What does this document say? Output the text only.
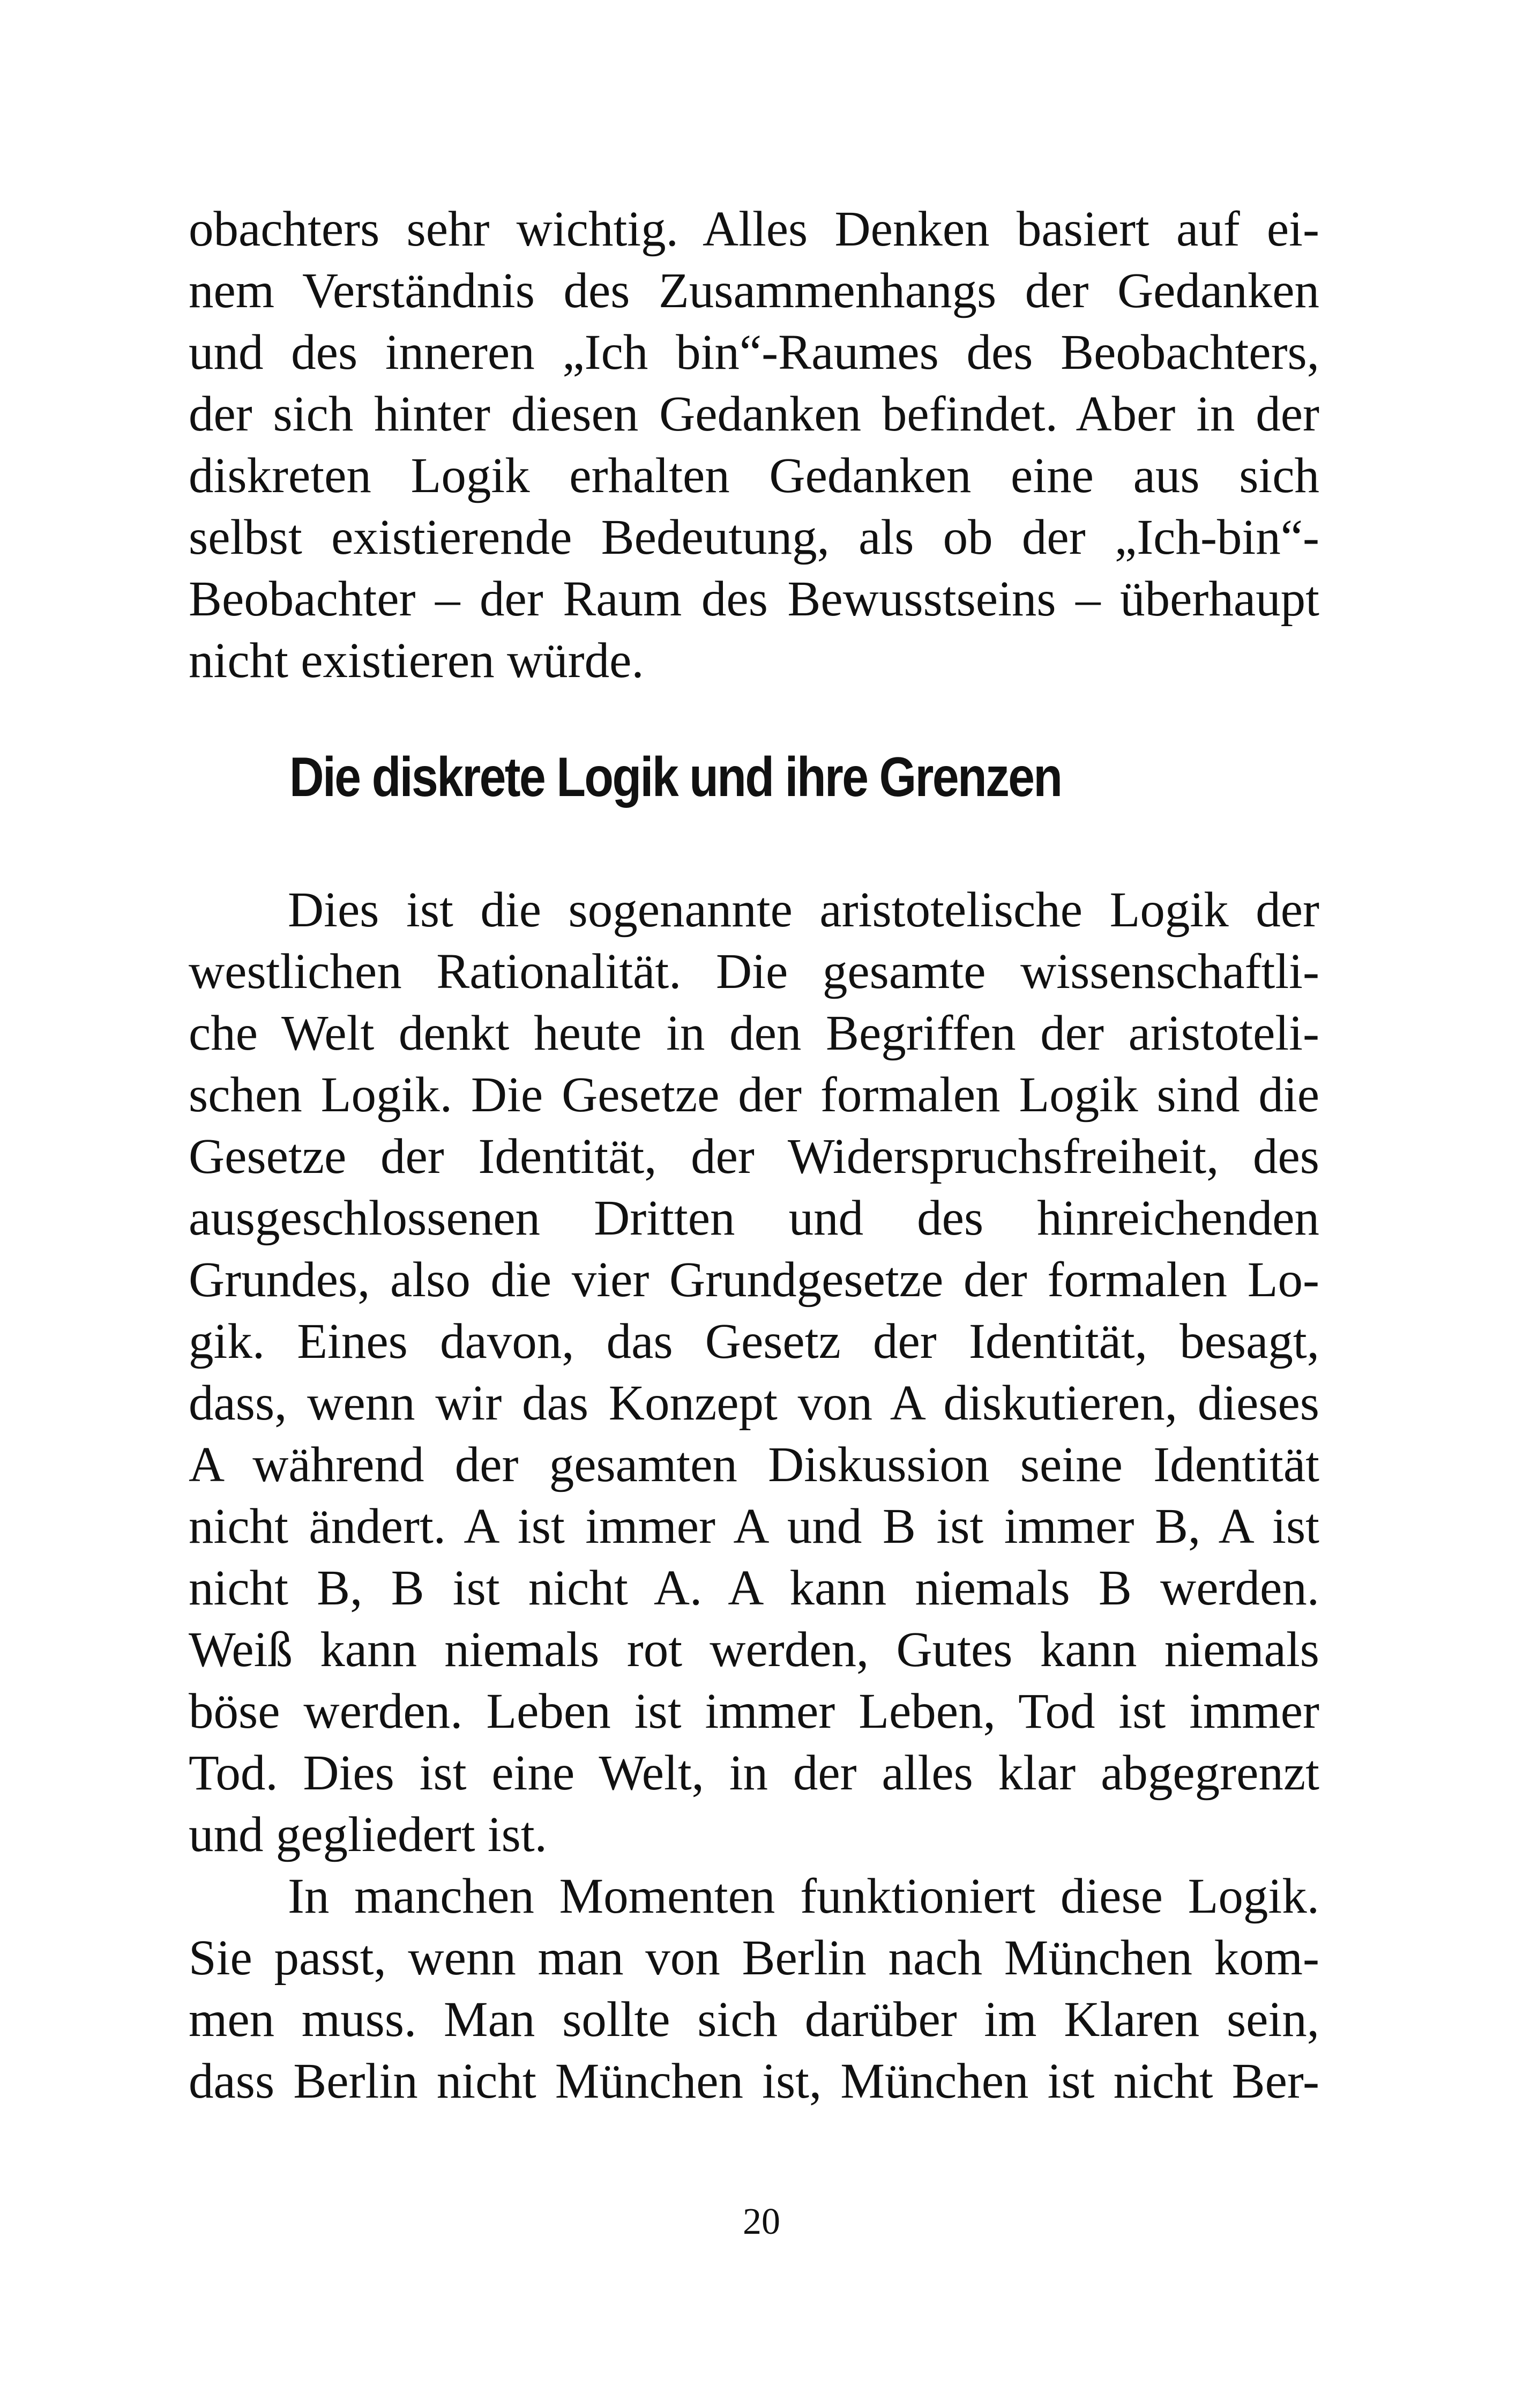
obachters sehr wichtig. Alles Denken basiert auf ei-
nem Verständnis des Zusammenhangs der Gedanken
und des inneren „Ich bin“-Raumes des Beobachters,
der sich hinter diesen Gedanken befindet. Aber in der
diskreten Logik erhalten Gedanken eine aus sich
selbst existierende Bedeutung, als ob der „Ich-bin“-
Beobachter – der Raum des Bewusstseins – überhaupt
nicht existieren würde.
Die diskrete Logik und ihre Grenzen
Dies ist die sogenannte aristotelische Logik der
westlichen Rationalität. Die gesamte wissenschaftli-
che Welt denkt heute in den Begriffen der aristoteli-
schen Logik. Die Gesetze der formalen Logik sind die
Gesetze der Identität, der Widerspruchsfreiheit, des
ausgeschlossenen Dritten und des hinreichenden
Grundes, also die vier Grundgesetze der formalen Lo-
gik. Eines davon, das Gesetz der Identität, besagt,
dass, wenn wir das Konzept von A diskutieren, dieses
A während der gesamten Diskussion seine Identität
nicht ändert. A ist immer A und B ist immer B, A ist
nicht B, B ist nicht A. A kann niemals B werden.
Weiß kann niemals rot werden, Gutes kann niemals
böse werden. Leben ist immer Leben, Tod ist immer
Tod. Dies ist eine Welt, in der alles klar abgegrenzt
und gegliedert ist.
In manchen Momenten funktioniert diese Logik.
Sie passt, wenn man von Berlin nach München kom-
men muss. Man sollte sich darüber im Klaren sein,
dass Berlin nicht München ist, München ist nicht Ber-
20
